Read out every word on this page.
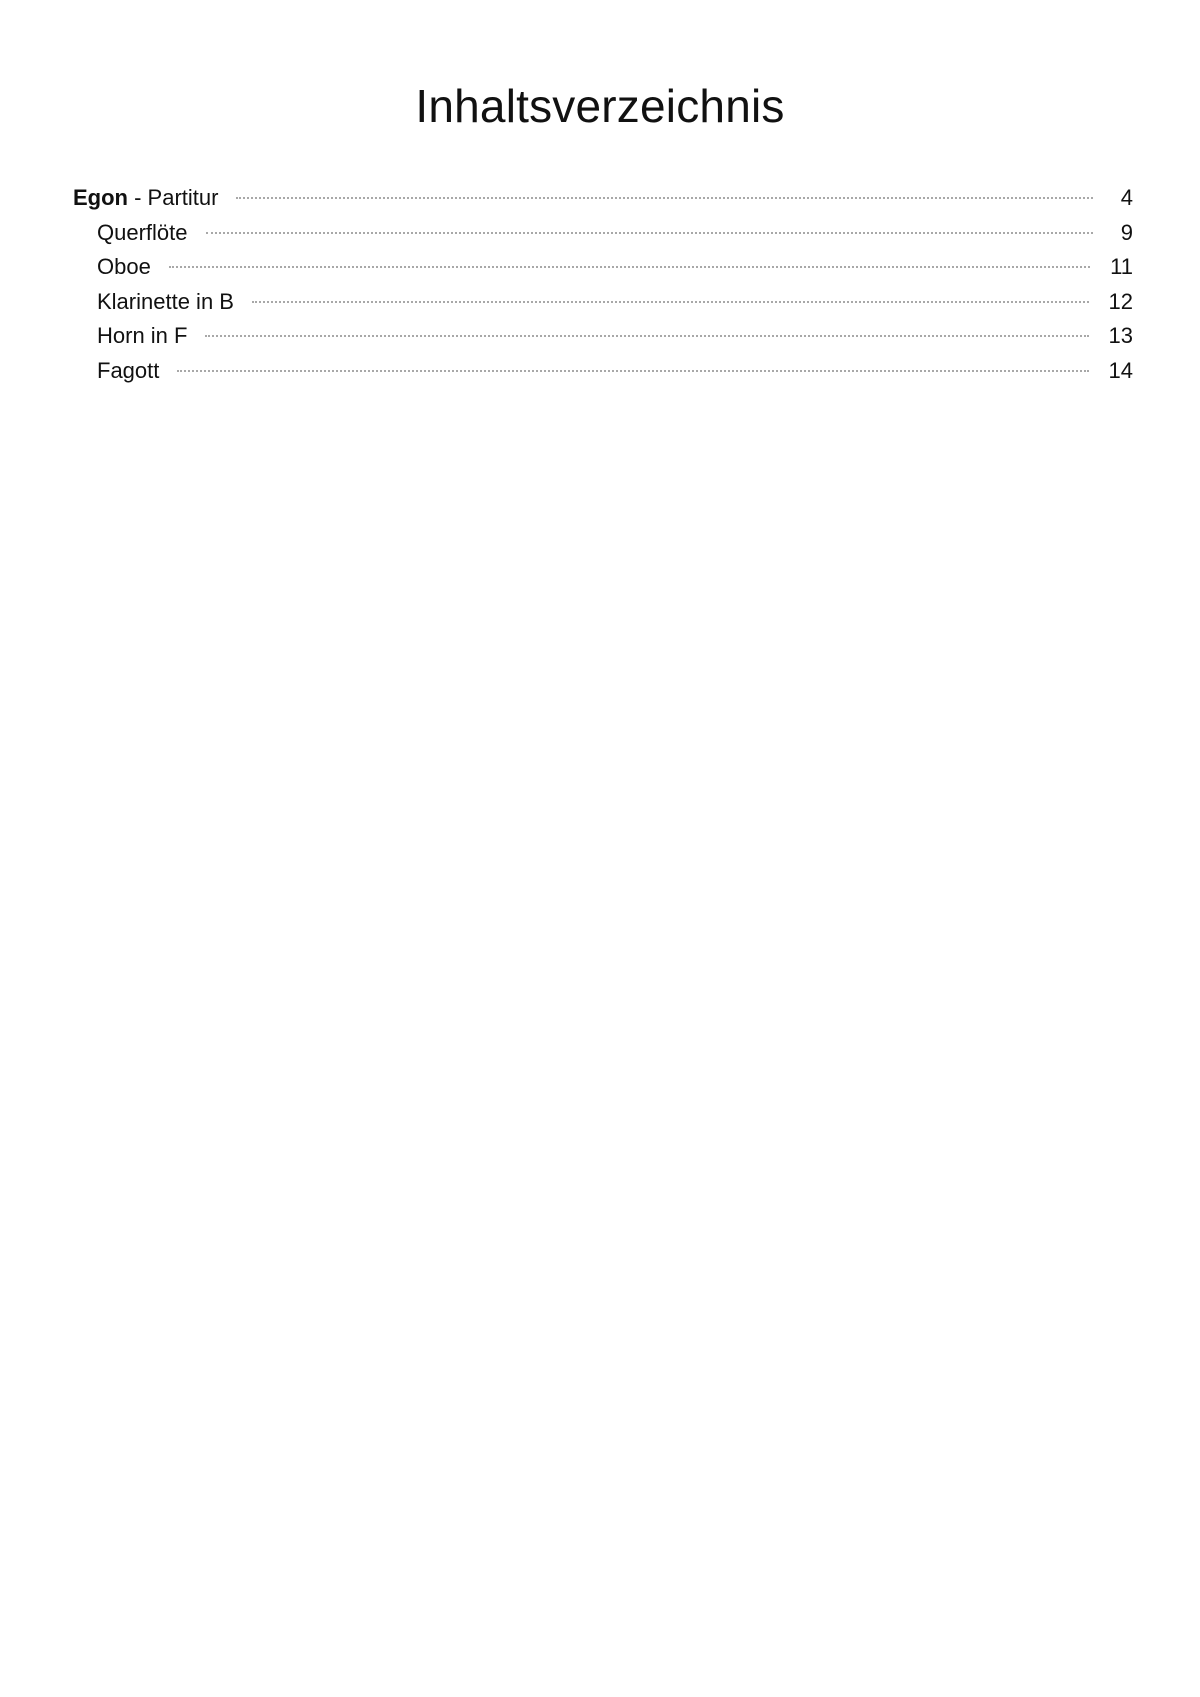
Inhaltsverzeichnis
Egon - Partitur	4
Querflöte	9
Oboe	11
Klarinette in B	12
Horn in F	13
Fagott	14
